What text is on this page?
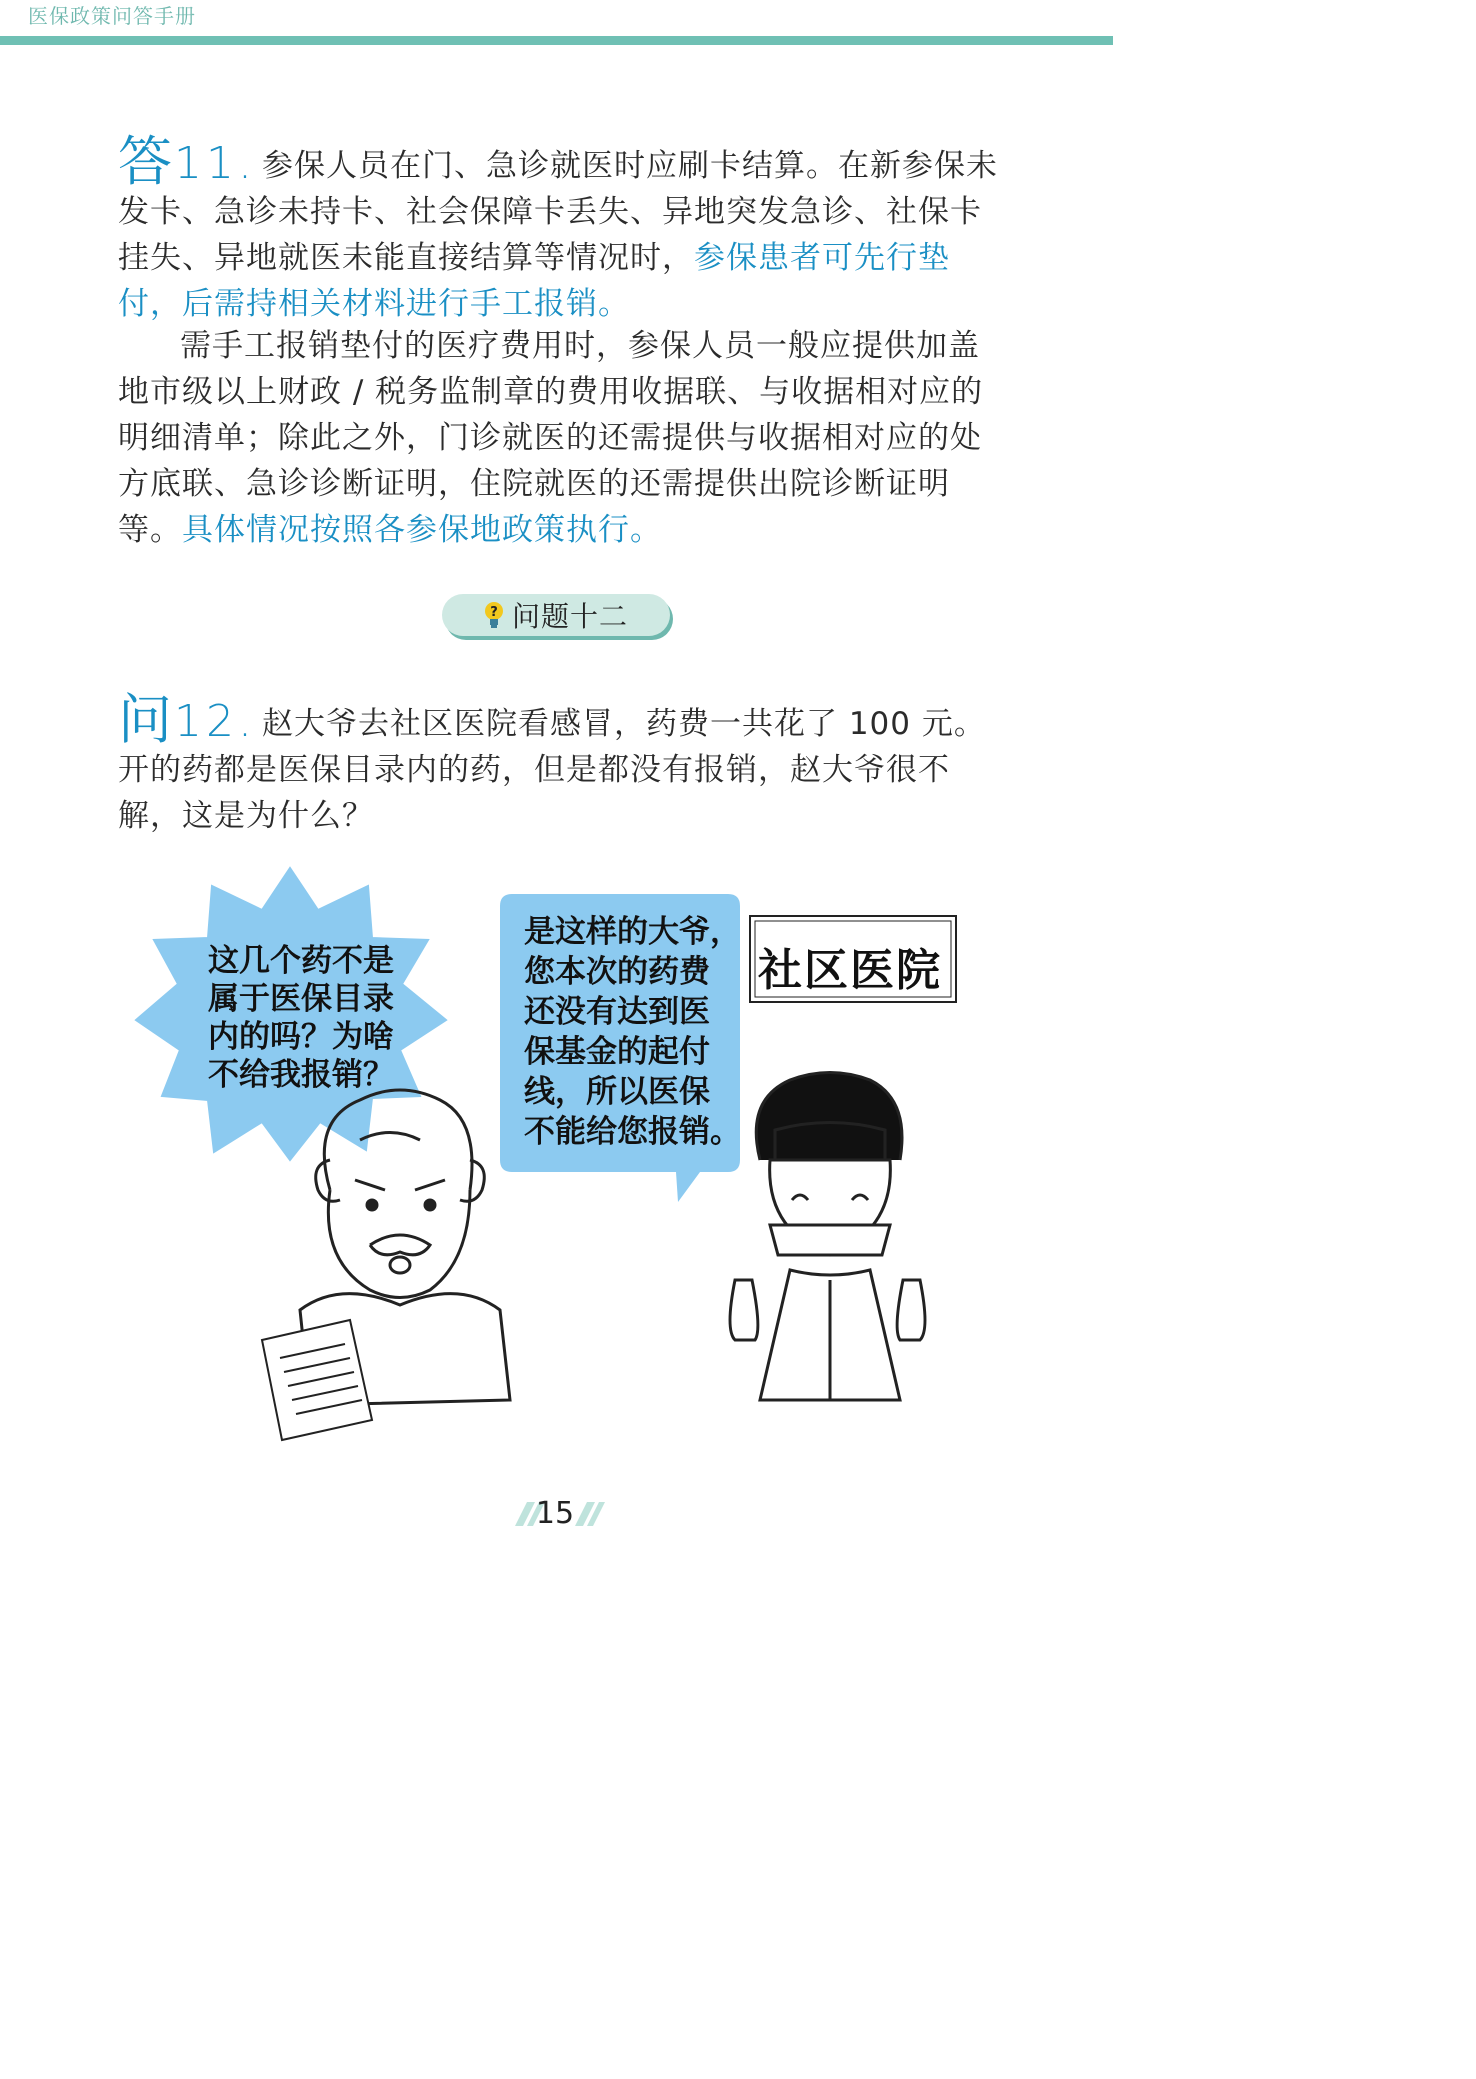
医保政策问答手册

答11. 参保人员在门、急诊就医时应刷卡结算。在新参保未发卡、急诊未持卡、社会保障卡丢失、异地突发急诊、社保卡挂失、异地就医未能直接结算等情况时，参保患者可先行垫付，后需持相关材料进行手工报销。

需手工报销垫付的医疗费用时，参保人员一般应提供加盖地市级以上财政 / 税务监制章的费用收据联、与收据相对应的明细清单；除此之外，门诊就医的还需提供与收据相对应的处方底联、急诊诊断证明，住院就医的还需提供出院诊断证明等。具体情况按照各参保地政策执行。

? 问题十二

问12. 赵大爷去社区医院看感冒，药费一共花了 100 元。开的药都是医保目录内的药，但是都没有报销，赵大爷很不解，这是为什么？

这几个药不是
属于医保目录
内的吗？为啥
不给我报销？

是这样的大爷，
您本次的药费
还没有达到医
保基金的起付
线，所以医保
不能给您报销。

社区医院
15
